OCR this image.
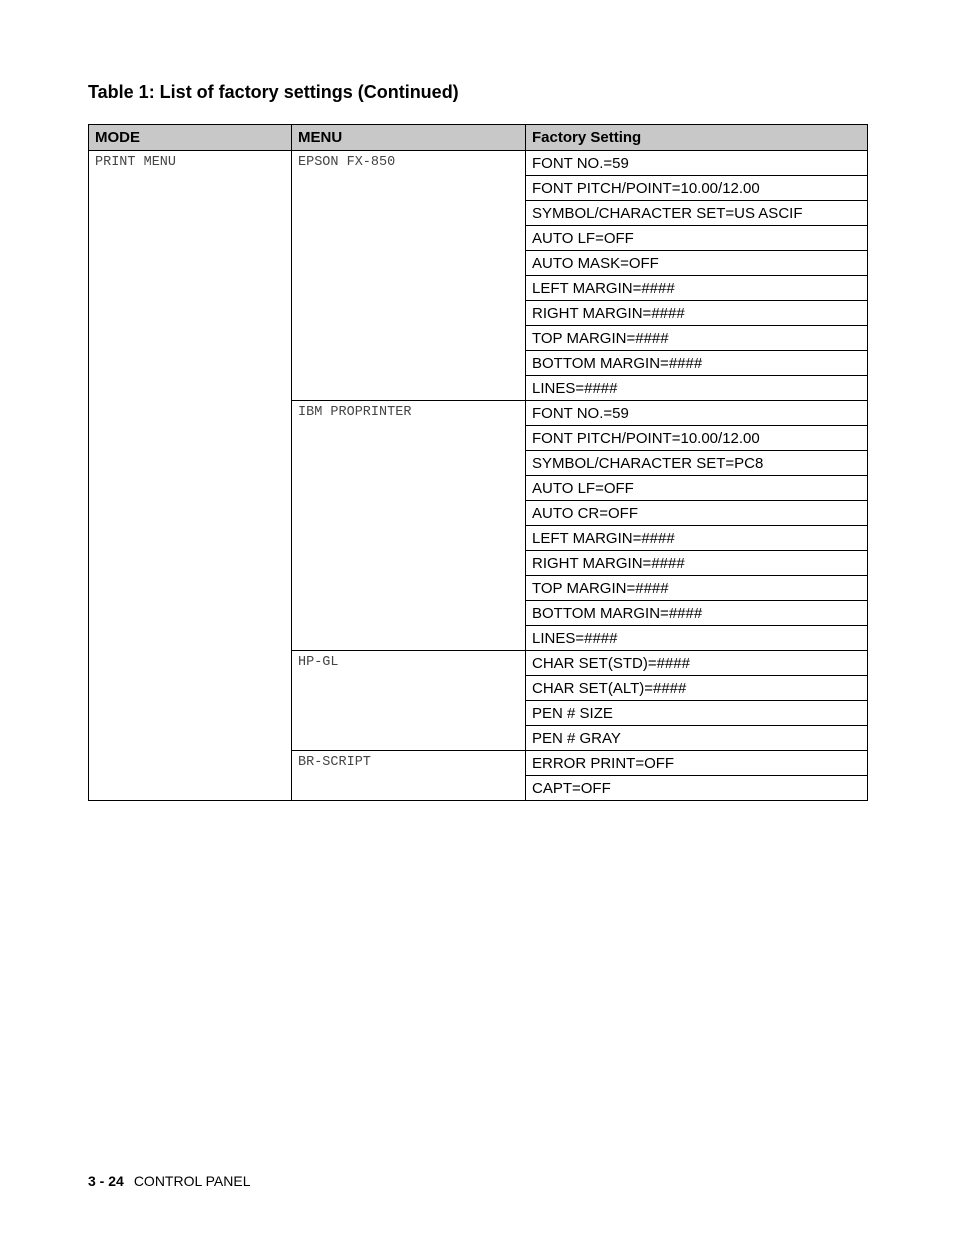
Table 1: List of factory settings (Continued)
MODE	MENU	Factory Setting
PRINT MENU	EPSON FX-850	FONT NO.=59
		FONT PITCH/POINT=10.00/12.00
		SYMBOL/CHARACTER SET=US ASCIF
		AUTO LF=OFF
		AUTO MASK=OFF
		LEFT MARGIN=####
		RIGHT MARGIN=####
		TOP MARGIN=####
		BOTTOM MARGIN=####
		LINES=####
	IBM PROPRINTER	FONT NO.=59
		FONT PITCH/POINT=10.00/12.00
		SYMBOL/CHARACTER SET=PC8
		AUTO LF=OFF
		AUTO CR=OFF
		LEFT MARGIN=####
		RIGHT MARGIN=####
		TOP MARGIN=####
		BOTTOM MARGIN=####
		LINES=####
	HP-GL	CHAR SET(STD)=####
		CHAR SET(ALT)=####
		PEN # SIZE
		PEN # GRAY
	BR-SCRIPT	ERROR PRINT=OFF
		CAPT=OFF
3 - 24 CONTROL PANEL
